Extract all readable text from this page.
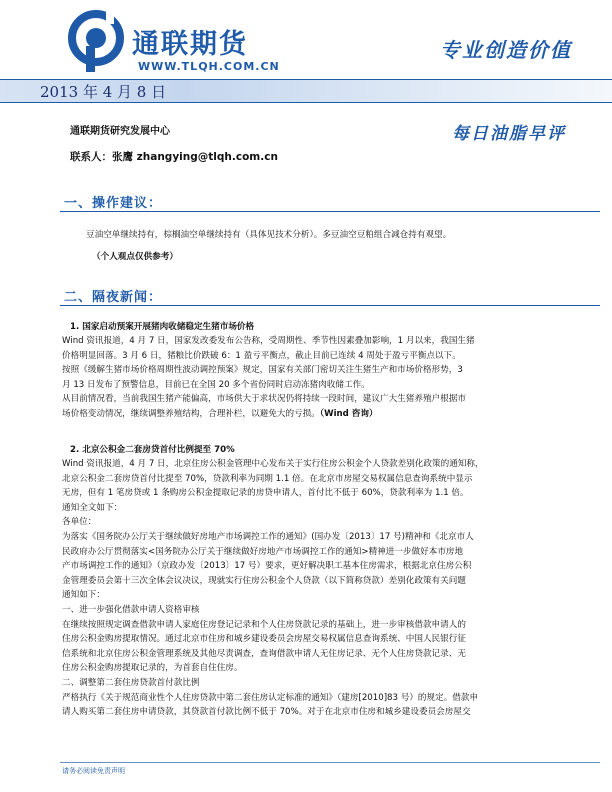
通联期货
WWW.TLQH.COM.CN
专业创造价值
2013 年 4 月 8 日
通联期货研究发展中心	每日油脂早评
联系人：张鹰 zhangying@tlqh.com.cn
一、操作建议：
豆油空单继续持有，棕榈油空单继续持有（具体见技术分析）。多豆油空豆粕组合减仓持有观望。
（个人观点仅供参考）
二、隔夜新闻：
1. 国家启动预案开展猪肉收储稳定生猪市场价格
Wind 资讯报道，4 月 7 日，国家发改委发布公告称，受周期性、季节性因素叠加影响，1 月以来，我国生猪
价格明显回落。3 月 6 日，猪粮比价跌破 6：1 盈亏平衡点，截止目前已连续 4 周处于盈亏平衡点以下。
按照《缓解生猪市场价格周期性波动调控预案》规定，国家有关部门密切关注生猪生产和市场价格形势，3
月 13 日发布了预警信息，目前已在全国 20 多个省份同时启动冻猪肉收储工作。
从目前情况看，当前我国生猪产能偏高，市场供大于求状况仍将持续一段时间，建议广大生猪养殖户根据市
场价格变动情况，继续调整养殖结构，合理补栏，以避免大的亏损。（Wind 咨询）
2. 北京公积金二套房贷首付比例提至 70%
Wind 资讯报道，4 月 7 日，北京住房公积金管理中心发布关于实行住房公积金个人贷款差别化政策的通知称，
北京公积金二套房贷首付比提至 70%，贷款利率为同期 1.1 倍。在北京市房屋交易权属信息查询系统中显示
无房，但有 1 笔房贷或 1 条购房公积金提取记录的房贷申请人，首付比不低于 60%，贷款利率为 1.1 倍。
通知全文如下：
各单位：
为落实《国务院办公厅关于继续做好房地产市场调控工作的通知》(国办发〔2013〕17 号)精神和《北京市人
民政府办公厅贯彻落实<国务院办公厅关于继续做好房地产市场调控工作的通知>精神进一步做好本市房地
产市场调控工作的通知》（京政办发〔2013〕17 号）要求，更好解决职工基本住房需求，根据北京住房公积
金管理委员会第十三次全体会议决议，现就实行住房公积金个人贷款（以下简称贷款）差别化政策有关问题
通知如下：
一、进一步强化借款申请人资格审核
在继续按照规定调查借款申请人家庭住房登记记录和个人住房贷款记录的基础上，进一步审核借款申请人的
住房公积金购房提取情况。通过北京市住房和城乡建设委员会房屋交易权属信息查询系统、中国人民银行征
信系统和北京住房公积金管理系统及其他尽责调查，查询借款申请人无住房记录、无个人住房贷款记录、无
住房公积金购房提取记录的，为首套自住住房。
二、调整第二套住房贷款首付款比例
严格执行《关于规范商业性个人住房贷款中第二套住房认定标准的通知》（建房[2010]83 号）的规定。借款申
请人购买第二套住房申请贷款，其贷款首付款比例不低于 70%。对于在北京市住房和城乡建设委员会房屋交
请务必阅读免责声明
